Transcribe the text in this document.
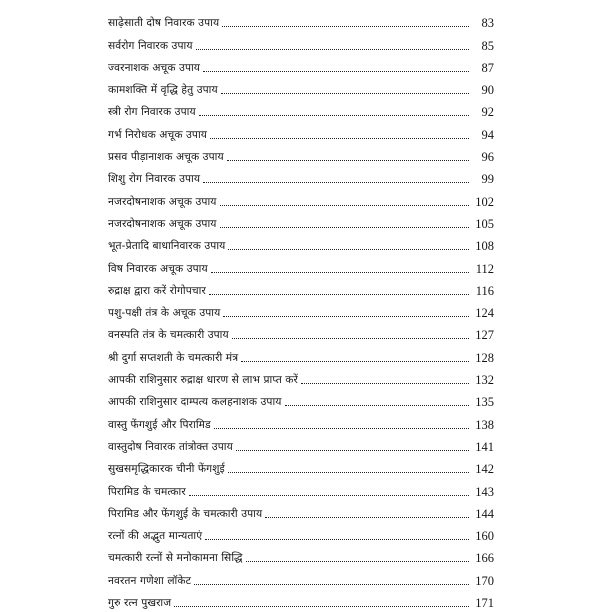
साढ़ेसाती दोष निवारक उपाय	83
सर्वरोग निवारक उपाय	85
ज्वरनाशक अचूक उपाय	87
कामशक्ति में वृद्धि हेतु उपाय	90
स्त्री रोग निवारक उपाय	92
गर्भ निरोधक अचूक उपाय	94
प्रसव पीड़ानाशक अचूक उपाय	96
शिशु रोग निवारक उपाय	99
नजरदोषनाशक अचूक उपाय	102
नजरदोषनाशक अचूक उपाय	105
भूत-प्रेतादि बाधानिवारक उपाय	108
विष निवारक अचूक उपाय	112
रुद्राक्ष द्वारा करें रोगोपचार	116
पशु-पक्षी तंत्र के अचूक उपाय	124
वनस्पति तंत्र के चमत्कारी उपाय	127
श्री दुर्गा सप्तशती के चमत्कारी मंत्र	128
आपकी राशिनुसार रुद्राक्ष धारण से लाभ प्राप्त करें	132
आपकी राशिनुसार दाम्पत्य कलहनाशक उपाय	135
वास्तु फेंगशुई और पिरामिड	138
वास्तुदोष निवारक तांत्रोक्त उपाय	141
सुखसमृद्धिकारक चीनी फेंगशुई	142
पिरामिड के चमत्कार	143
पिरामिड और फेंगशुई के चमत्कारी उपाय	144
रत्नों की अद्भुत मान्यताएं	160
चमत्कारी रत्नों से मनोकामना सिद्धि	166
नवरतन गणेशा लॉकेट	170
गुरु रत्न पुखराज	171
